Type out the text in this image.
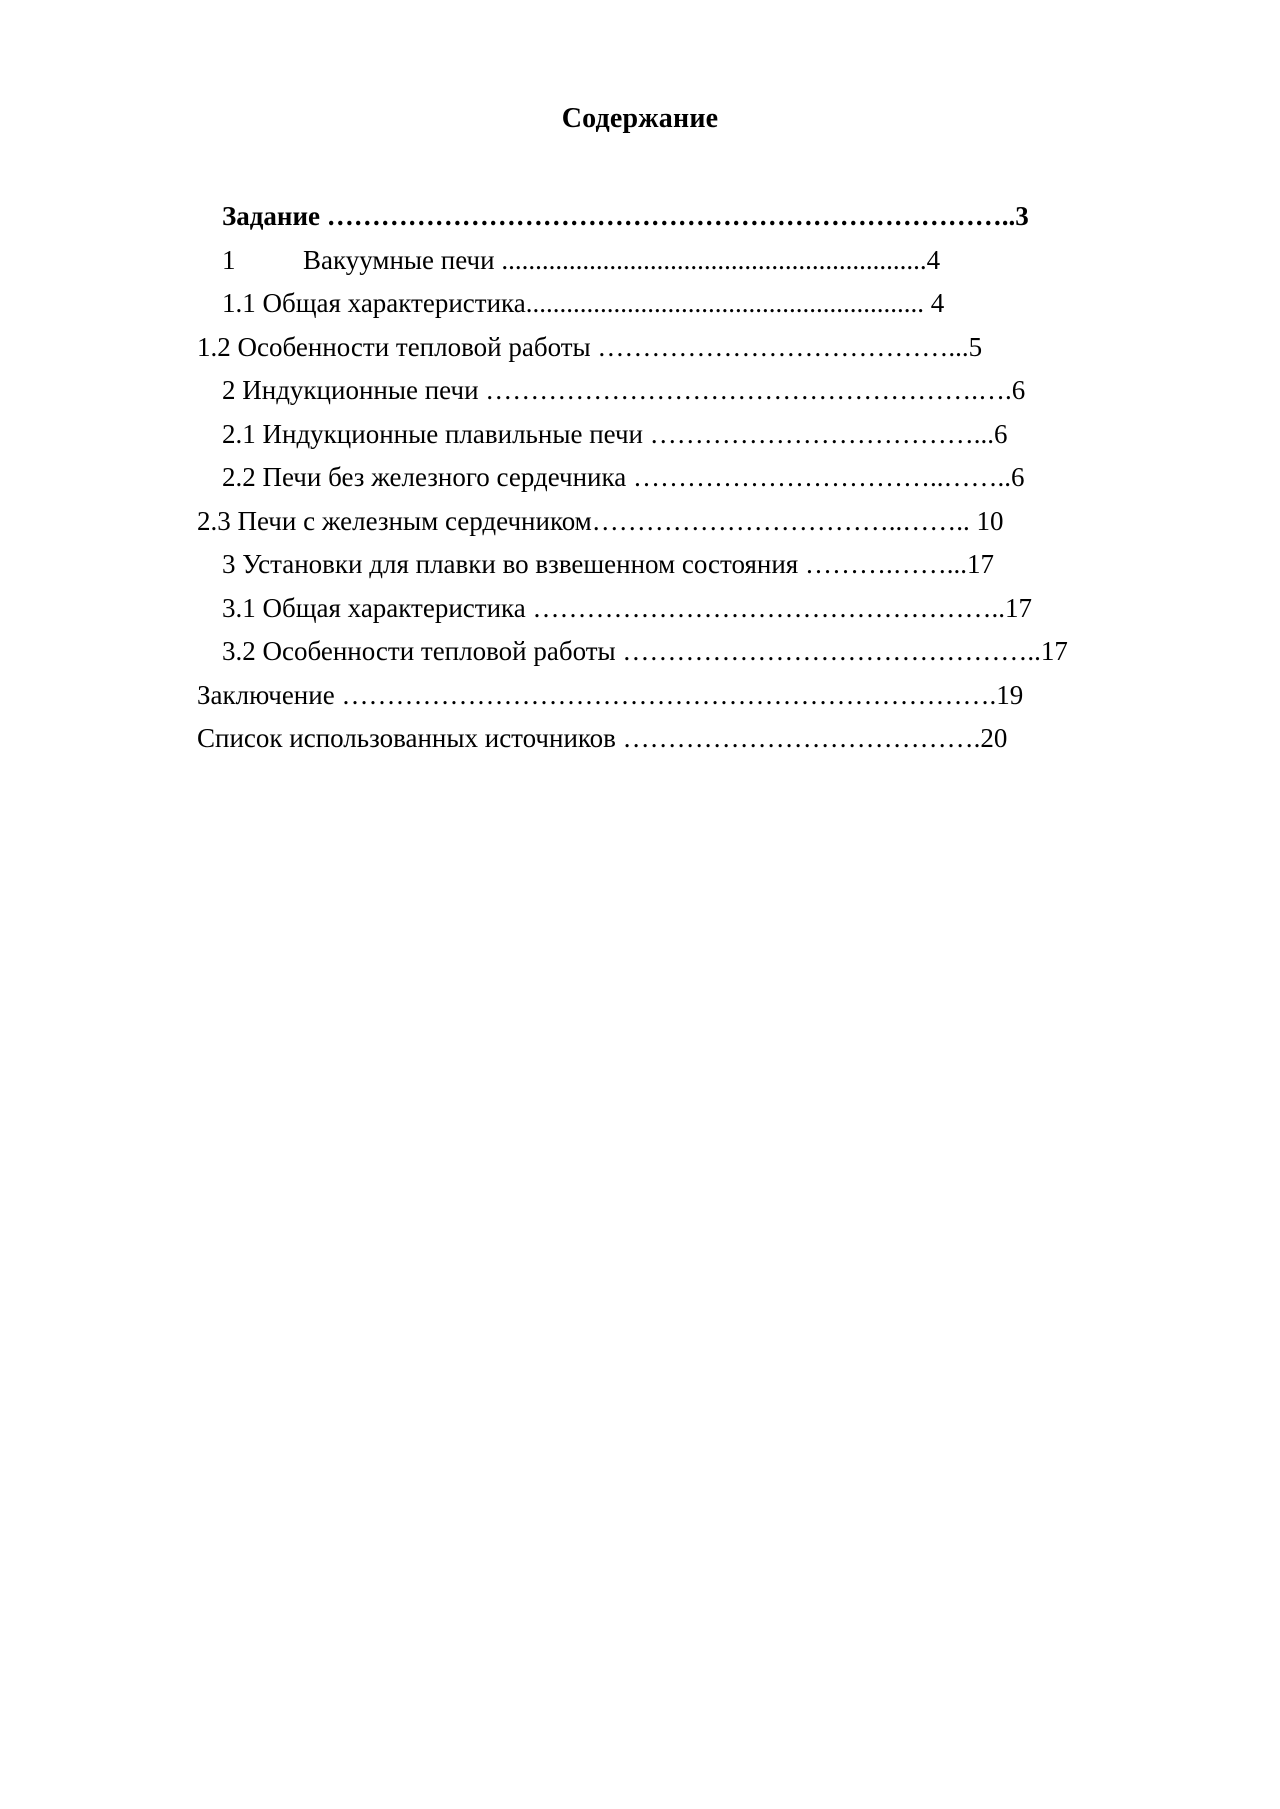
Содержание
Задание …………………………………………………………………..3
1          Вакуумные печи ...............................................................4
1.1 Общая характеристика........................................................... 4
1.2 Особенности тепловой работы …………………………………...5
2 Индукционные печи ……………………………………………….….6
2.1 Индукционные плавильные печи ………………………………...6
2.2 Печи без железного сердечника ……………………………..……..6
2.3 Печи с железным сердечником……………………………..…….. 10
3 Установки для плавки во взвешенном состояния ……….……...17
3.1 Общая характеристика ……………………………………………..17
3.2 Особенности тепловой работы ………………………………………..17
Заключение ……………………………………………………………….19
Список использованных источников ………………………………….20
